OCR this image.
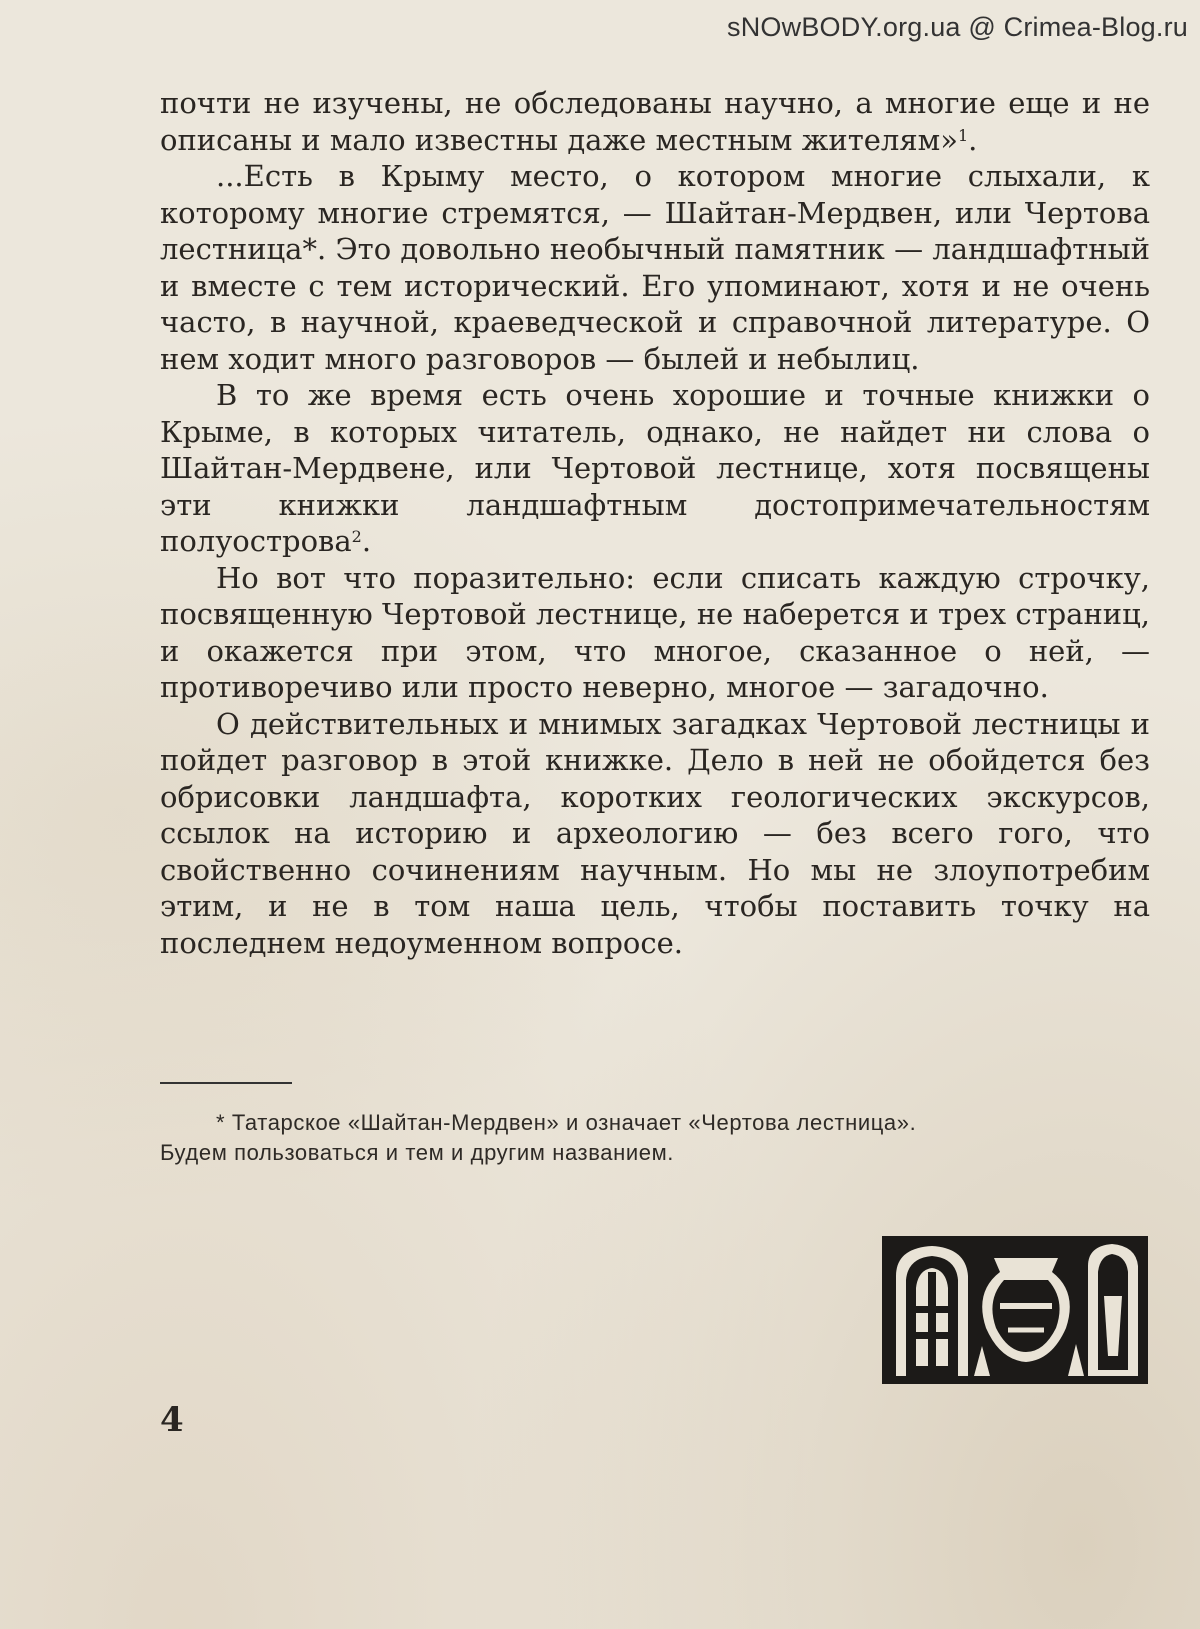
sNOwBODY.org.ua @ Crimea-Blog.ru

почти не изучены, не обследованы научно, а многие еще и не описаны и мало известны даже местным жителям»$^1$.

...Есть в Крыму место, о котором многие слыхали, к которому многие стремятся, — Шайтан-Мердвен, или Чертова лестница*. Это довольно необычный памятник — ландшафтный и вместе с тем исторический. Его упоминают, хотя и не очень часто, в научной, краеведческой и справочной литературе. О нем ходит много разговоров — былей и небылиц.

В то же время есть очень хорошие и точные книжки о Крыме, в которых читатель, однако, не найдет ни слова о Шайтан-Мердвене, или Чертовой лестнице, хотя посвящены эти книжки ландшафтным достопримечательностям полуострова$^2$.

Но вот что поразительно: если списать каждую строчку, посвященную Чертовой лестнице, не наберется и трех страниц, и окажется при этом, что многое, сказанное о ней, — противоречиво или просто неверно, многое — загадочно.

О действительных и мнимых загадках Чертовой лестницы и пойдет разговор в этой книжке. Дело в ней не обойдется без обрисовки ландшафта, коротких геологических экскурсов, ссылок на историю и археологию — без всего гого, что свойственно сочинениям научным. Но мы не злоупотребим этим, и не в том наша цель, чтобы поставить точку на последнем недоуменном вопросе.

* Татарское «Шайтан-Мердвен» и означает «Чертова лестница».

Будем пользоваться и тем и другим названием.

4
